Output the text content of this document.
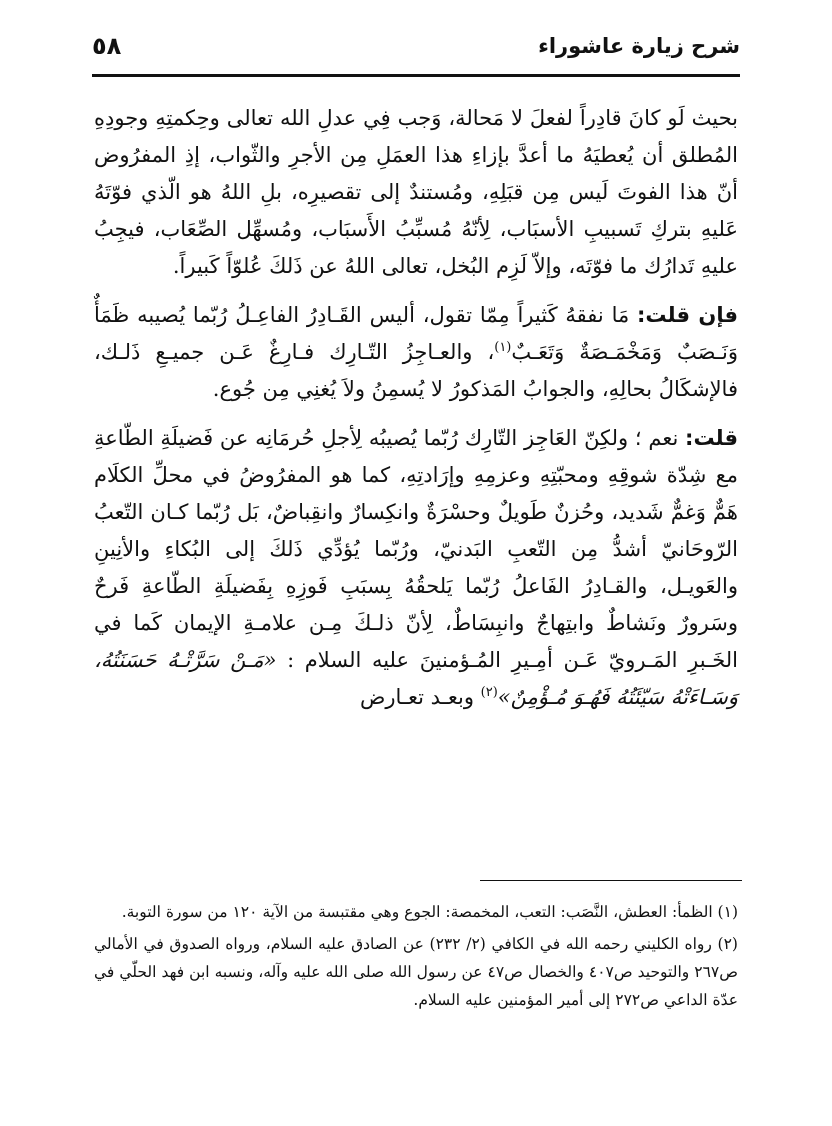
شرح زيارة عاشوراء
٥٨

بحيث لَو كانَ قادِراً لفعلَ لا مَحالة، وَجب فِي عدلِ الله تعالى وحِكمتِهِ وجودِهِ المُطلق أن يُعطيَهُ ما أعدَّ بإزاءِ هذا العمَلِ مِن الأجرِ والثّواب، إذِ المفرُوض أنّ هذا الفوتَ لَيس مِن قبَلِهِ، ومُستندٌ إلى تقصيرِه، بلِ اللهُ هو الّذي فوّتَهُ عَليهِ بتركِ تَسبيبِ الأسبَاب، لِأنّهُ مُسبِّبُ الأَسبَاب، ومُسهِّل الصِّعَاب، فيجِبُ عليهِ تَدارُك ما فوّتَه، وإلاّ لَزِم البُخل، تعالى اللهُ عن ذَلكَ عُلوّاً كَبيراً.

فإن قلت: مَا نفقهُ كَثيراً مِمّا تقول، أليس القَـادِرُ الفاعِـلُ رُبّما يُصيبه ظَمَأٌ وَنَـصَبٌ وَمَخْمَـصَةٌ وَتَعَـبٌ$^{(١)}$، والعـاجِزُ التّـارِك فـارِغٌ عَـن جميـعِ ذَلـك، فالإشكَالُ بحالِهِ، والجوابُ المَذكورُ لا يُسمِنُ ولاَ يُغنِي مِن جُوع.

قلت: نعم ؛ ولكِنّ العَاجِز التّارِك رُبّما يُصيبُه لِأجلِ حُرمَانِه عن فَضيلَةِ الطّاعةِ مع شِدّة شوقِهِ ومحبّتِهِ وعزمِهِ وإرَادتِهِ، كما هو المفرُوضُ في محلِّ الكلَام هَمٌّ وَغمٌّ شَديد، وحُزنٌ طَويلٌ وحسْرَةٌ وانكِسارٌ وانقِباضٌ، بَل رُبّما كـان التّعبُ الرّوحَانيّ أشدُّ مِن التّعبِ البَدنيّ، ورُبّما يُؤدِّي ذَلكَ إلى البُكاءِ والأنِينِ والعَويـل، والقـادِرُ الفَاعلُ رُبّما يَلحقُهُ بِسبَبِ فَوزِهِ بِفَضيلَةِ الطّاعةِ فَرحٌ وسَرورٌ ونَشاطٌ وابتِهاجٌ وانبِسَاطٌ، لِأنّ ذلـكَ مِـن علامـةِ الإيمان كَما في الخَـبرِ المَـرويّ عَـن أمِـيرِ المُـؤمنينَ عليه السلام : «مَـنْ سَرَّتْـهُ حَسَنَتُهُ، وَسَـاءَتْهُ سَيّئَتُهُ فَهُـوَ مُـؤْمِنٌ»$^{(٢)}$ وبعـد تعـارض

(١) الظمأ: العطش، النَّصَب: التعب، المخمصة: الجوع وهي مقتبسة من الآية ١٢٠ من سورة التوبة.

(٢) رواه الكليني رحمه الله في الكافي (٢/ ٢٣٢) عن الصادق عليه السلام، ورواه الصدوق في الأمالي ص٢٦٧ والتوحيد ص٤٠٧ والخصال ص٤٧ عن رسول الله صلى الله عليه وآله، ونسبه ابن فهد الحلّي في عدّة الداعي ص٢٧٢ إلى أمير المؤمنين عليه السلام.
